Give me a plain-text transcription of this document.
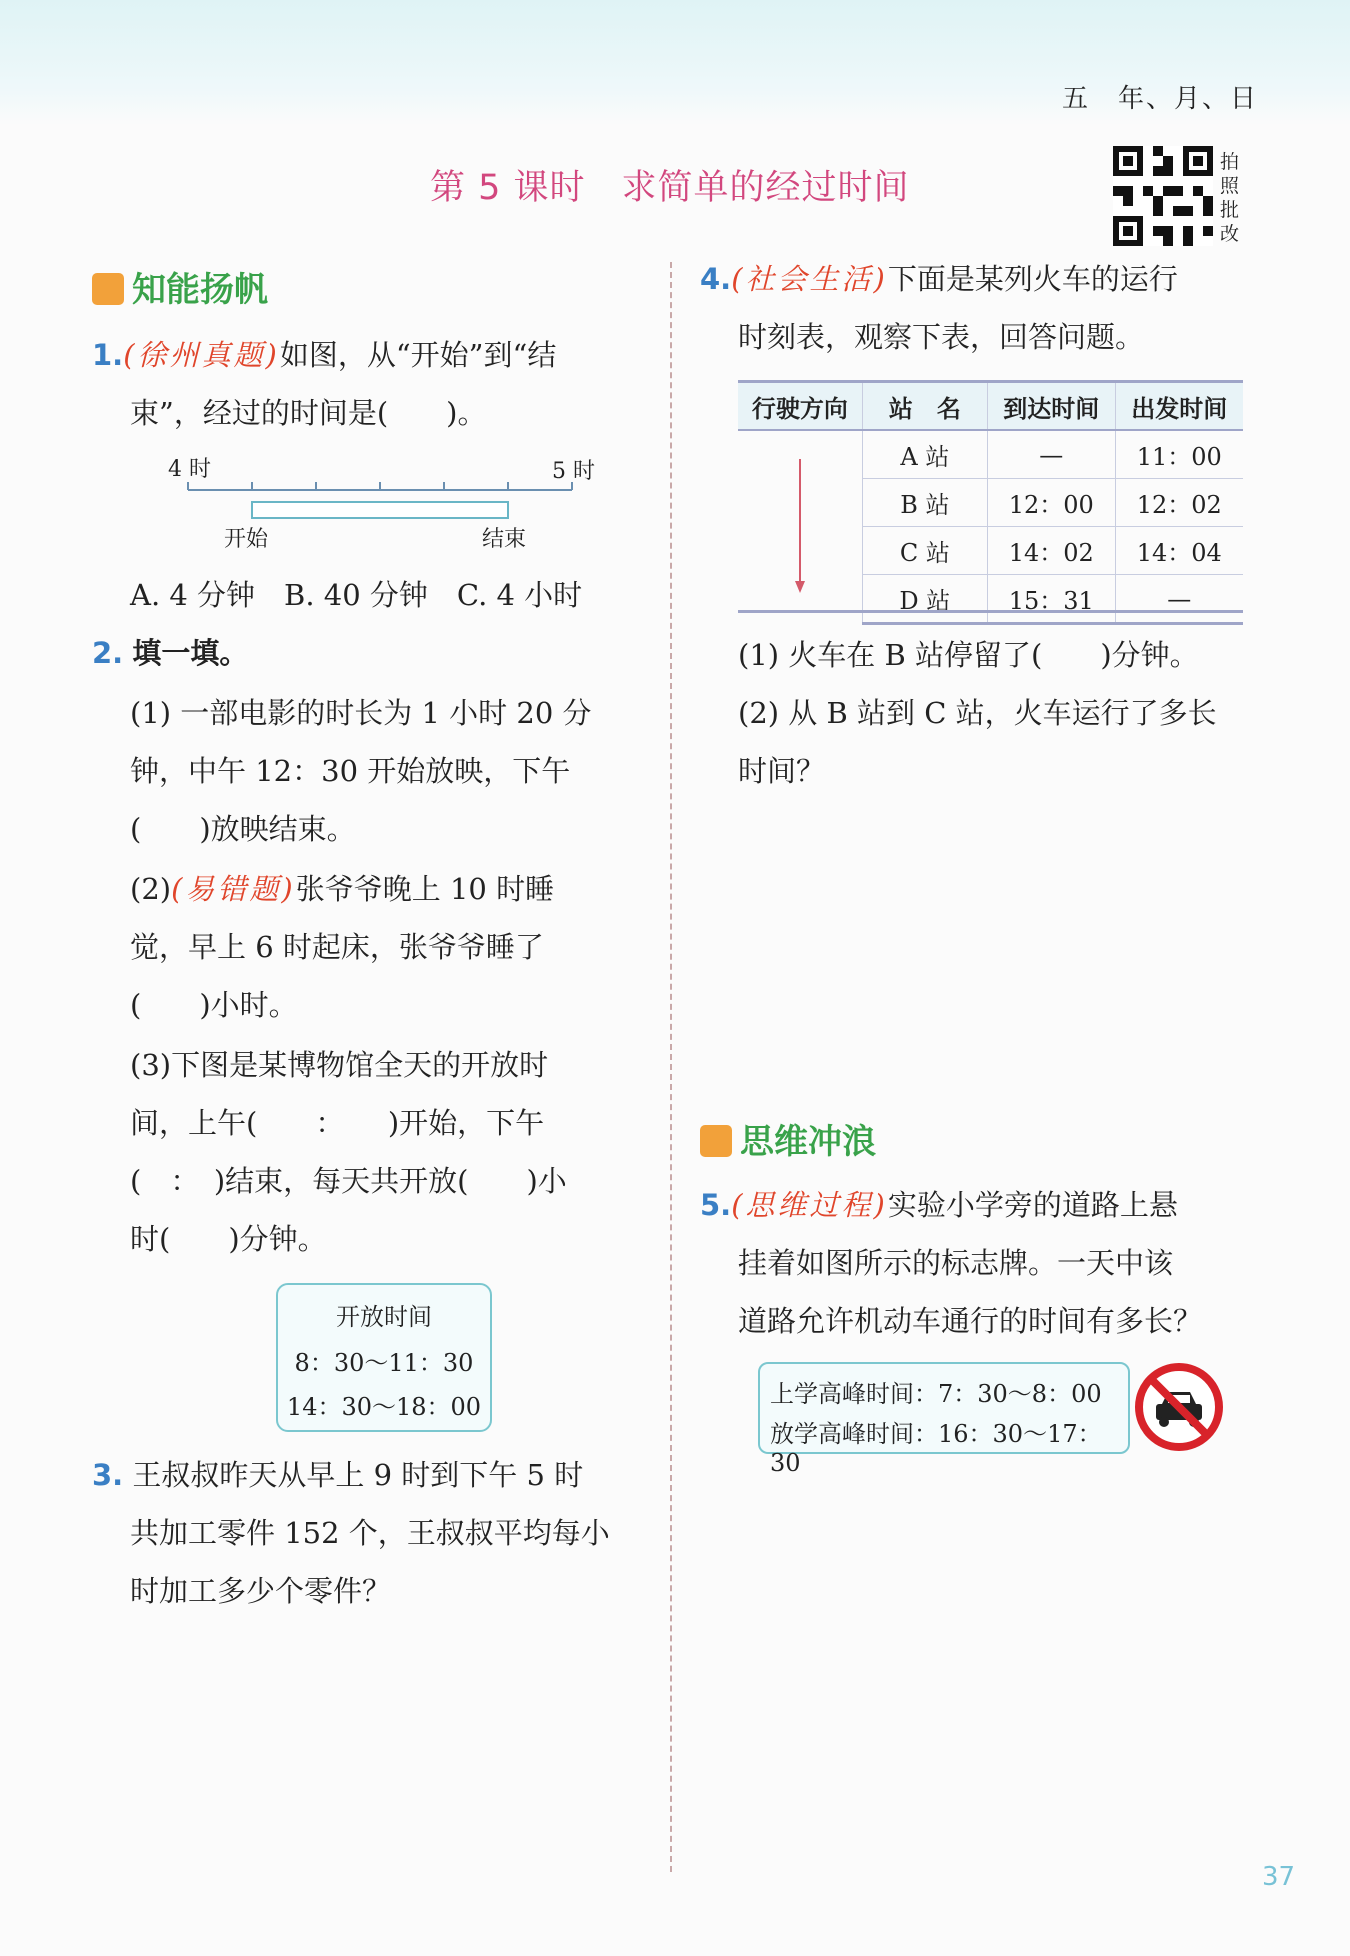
五　年、月、日
第 5 课时　求简单的经过时间
拍
照
批
改
知能扬帆
1.(徐州真题)如图，从“开始”到“结
束”，经过的时间是(　　)。
4 时	5 时
开始	结束
A. 4 分钟　B. 40 分钟　C. 4 小时
2. 填一填。
(1) 一部电影的时长为 1 小时 20 分
钟，中午 12：30 开始放映，下午
(　　)放映结束。
(2)(易错题)张爷爷晚上 10 时睡
觉，早上 6 时起床，张爷爷睡了
(　　)小时。
(3)下图是某博物馆全天的开放时
间，上午(　　：　　)开始，下午
(　：　)结束，每天共开放(　　)小
时(　　)分钟。
开放时间
8：30～11：30
14：30～18：00
3. 王叔叔昨天从早上 9 时到下午 5 时
共加工零件 152 个，王叔叔平均每小
时加工多少个零件？
4.(社会生活)下面是某列火车的运行
时刻表，观察下表，回答问题。
行驶方向	站　名	到达时间	出发时间
	A 站	—	11：00
	B 站	12：00	12：02
	C 站	14：02	14：04
	D 站	15：31	—
(1) 火车在 B 站停留了(　　)分钟。
(2) 从 B 站到 C 站，火车运行了多长
时间？
思维冲浪
5.(思维过程)实验小学旁的道路上悬
挂着如图所示的标志牌。一天中该
道路允许机动车通行的时间有多长？
上学高峰时间：7：30～8：00
放学高峰时间：16：30～17：30
37
